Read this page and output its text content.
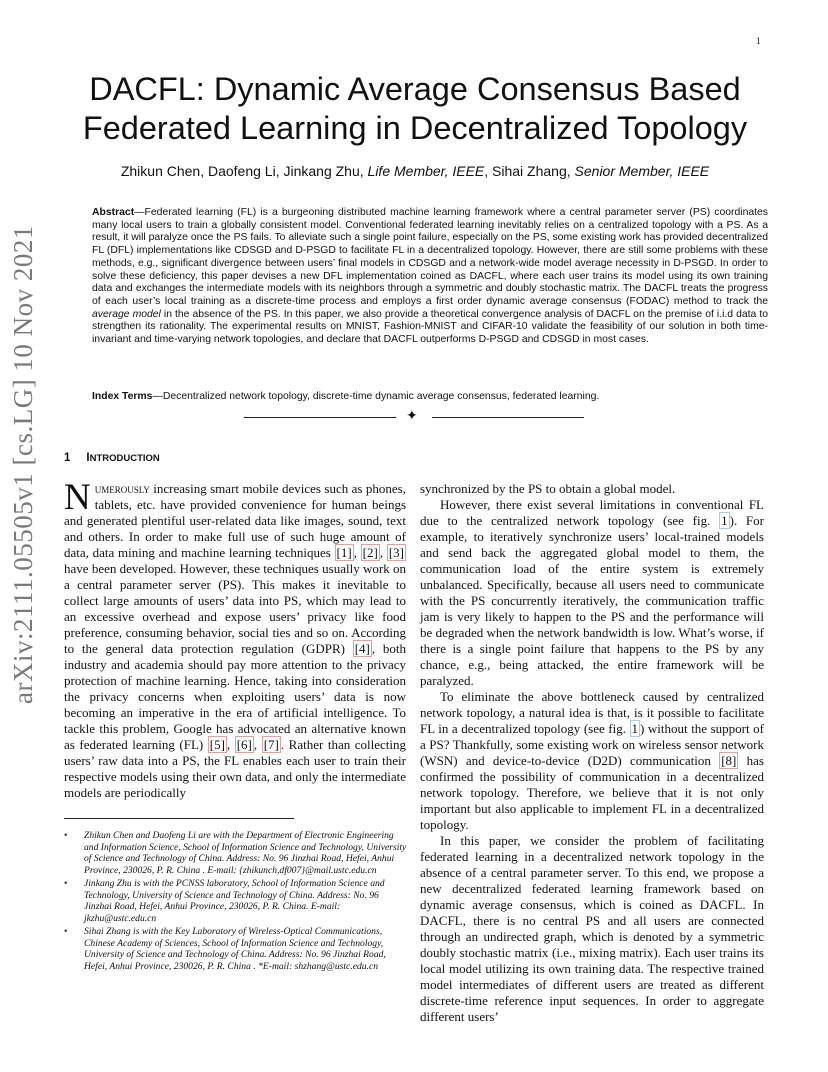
1
arXiv:2111.05505v1 [cs.LG] 10 Nov 2021
DACFL: Dynamic Average Consensus Based
Federated Learning in Decentralized Topology
Zhikun Chen, Daofeng Li, Jinkang Zhu, Life Member, IEEE, Sihai Zhang, Senior Member, IEEE

Abstract—Federated learning (FL) is a burgeoning distributed machine learning framework where a central parameter server (PS) coordinates many local users to train a globally consistent model. Conventional federated learning inevitably relies on a centralized topology with a PS. As a result, it will paralyze once the PS fails. To alleviate such a single point failure, especially on the PS, some existing work has provided decentralized FL (DFL) implementations like CDSGD and D-PSGD to facilitate FL in a decentralized topology. However, there are still some problems with these methods, e.g., significant divergence between users’ final models in CDSGD and a network-wide model average necessity in D-PSGD. In order to solve these deficiency, this paper devises a new DFL implementation coined as DACFL, where each user trains its model using its own training data and exchanges the intermediate models with its neighbors through a symmetric and doubly stochastic matrix. The DACFL treats the progress of each user’s local training as a discrete-time process and employs a first order dynamic average consensus (FODAC) method to track the average model in the absence of the PS. In this paper, we also provide a theoretical convergence analysis of DACFL on the premise of i.i.d data to strengthen its rationality. The experimental results on MNIST, Fashion-MNIST and CIFAR-10 validate the feasibility of our solution in both time-invariant and time-varying network topologies, and declare that DACFL outperforms D-PSGD and CDSGD in most cases.

Index Terms—Decentralized network topology, discrete-time dynamic average consensus, federated learning.

✦
1 INTRODUCTION

Numerously increasing smart mobile devices such as phones, tablets, etc. have provided convenience for human beings and generated plentiful user-related data like images, sound, text and others. In order to make full use of such huge amount of data, data mining and machine learning techniques [1] , [2] , [3] have been developed. However, these techniques usually work on a central parameter server (PS). This makes it inevitable to collect large amounts of users’ data into PS, which may lead to an excessive overhead and expose users’ privacy like food preference, consuming behavior, social ties and so on. According to the general data protection regulation (GDPR) [4] , both industry and academia should pay more attention to the privacy protection of machine learning. Hence, taking into consideration the privacy concerns when exploiting users’ data is now becoming an imperative in the era of artificial intelligence. To tackle this problem, Google has advocated an alternative known as federated learning (FL) [5] , [6] , [7] . Rather than collecting users’ raw data into a PS, the FL enables each user to train their respective models using their own data, and only the intermediate models are periodically

• Zhikun Chen and Daofeng Li are with the Department of Electronic Engineering and Information Science, School of Information Science and Technology, University of Science and Technology of China. Address: No. 96 Jinzhai Road, Hefei, Anhui Province, 230026, P. R. China . E-mail: {zhikunch,df007}@mail.ustc.edu.cn
• Jinkang Zhu is with the PCNSS laboratory, School of Information Science and Technology, University of Science and Technology of China. Address: No. 96 Jinzhai Road, Hefei, Anhui Province, 230026, P. R. China. E-mail: jkzhu@ustc.edu.cn
• Sihai Zhang is with the Key Laboratory of Wireless-Optical Communications, Chinese Academy of Sciences, School of Information Science and Technology, University of Science and Technology of China. Address: No. 96 Jinzhai Road, Hefei, Anhui Province, 230026, P. R. China . *E-mail: shzhang@ustc.edu.cn

synchronized by the PS to obtain a global model.

However, there exist several limitations in conventional FL due to the centralized network topology (see fig. 1 ). For example, to iteratively synchronize users’ local-trained models and send back the aggregated global model to them, the communication load of the entire system is extremely unbalanced. Specifically, because all users need to communicate with the PS concurrently iteratively, the communication traffic jam is very likely to happen to the PS and the performance will be degraded when the network bandwidth is low. What’s worse, if there is a single point failure that happens to the PS by any chance, e.g., being attacked, the entire framework will be paralyzed.

To eliminate the above bottleneck caused by centralized network topology, a natural idea is that, is it possible to facilitate FL in a decentralized topology (see fig. 1 ) without the support of a PS? Thankfully, some existing work on wireless sensor network (WSN) and device-to-device (D2D) communication [8] has confirmed the possibility of communication in a decentralized network topology. Therefore, we believe that it is not only important but also applicable to implement FL in a decentralized topology.

In this paper, we consider the problem of facilitating federated learning in a decentralized network topology in the absence of a central parameter server. To this end, we propose a new decentralized federated learning framework based on dynamic average consensus, which is coined as DACFL. In DACFL, there is no central PS and all users are connected through an undirected graph, which is denoted by a symmetric doubly stochastic matrix (i.e., mixing matrix). Each user trains its local model utilizing its own training data. The respective trained model intermediates of different users are treated as different discrete-time reference input sequences. In order to aggregate different users’
